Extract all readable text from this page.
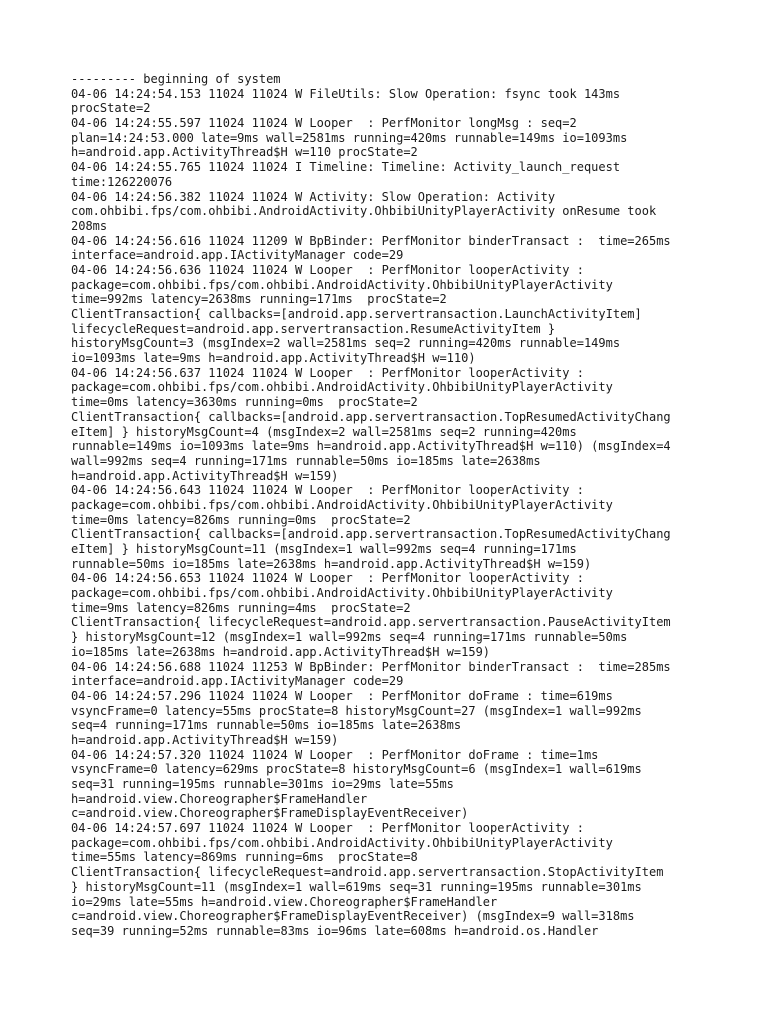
--------- beginning of system
04-06 14:24:54.153 11024 11024 W FileUtils: Slow Operation: fsync took 143ms
procState=2
04-06 14:24:55.597 11024 11024 W Looper  : PerfMonitor longMsg : seq=2
plan=14:24:53.000 late=9ms wall=2581ms running=420ms runnable=149ms io=1093ms
h=android.app.ActivityThread$H w=110 procState=2
04-06 14:24:55.765 11024 11024 I Timeline: Timeline: Activity_launch_request
time:126220076
04-06 14:24:56.382 11024 11024 W Activity: Slow Operation: Activity
com.ohbibi.fps/com.ohbibi.AndroidActivity.OhbibiUnityPlayerActivity onResume took
208ms
04-06 14:24:56.616 11024 11209 W BpBinder: PerfMonitor binderTransact :  time=265ms
interface=android.app.IActivityManager code=29
04-06 14:24:56.636 11024 11024 W Looper  : PerfMonitor looperActivity :
package=com.ohbibi.fps/com.ohbibi.AndroidActivity.OhbibiUnityPlayerActivity
time=992ms latency=2638ms running=171ms  procState=2
ClientTransaction{ callbacks=[android.app.servertransaction.LaunchActivityItem]
lifecycleRequest=android.app.servertransaction.ResumeActivityItem }
historyMsgCount=3 (msgIndex=2 wall=2581ms seq=2 running=420ms runnable=149ms
io=1093ms late=9ms h=android.app.ActivityThread$H w=110)
04-06 14:24:56.637 11024 11024 W Looper  : PerfMonitor looperActivity :
package=com.ohbibi.fps/com.ohbibi.AndroidActivity.OhbibiUnityPlayerActivity
time=0ms latency=3630ms running=0ms  procState=2
ClientTransaction{ callbacks=[android.app.servertransaction.TopResumedActivityChang
eItem] } historyMsgCount=4 (msgIndex=2 wall=2581ms seq=2 running=420ms
runnable=149ms io=1093ms late=9ms h=android.app.ActivityThread$H w=110) (msgIndex=4
wall=992ms seq=4 running=171ms runnable=50ms io=185ms late=2638ms
h=android.app.ActivityThread$H w=159)
04-06 14:24:56.643 11024 11024 W Looper  : PerfMonitor looperActivity :
package=com.ohbibi.fps/com.ohbibi.AndroidActivity.OhbibiUnityPlayerActivity
time=0ms latency=826ms running=0ms  procState=2
ClientTransaction{ callbacks=[android.app.servertransaction.TopResumedActivityChang
eItem] } historyMsgCount=11 (msgIndex=1 wall=992ms seq=4 running=171ms
runnable=50ms io=185ms late=2638ms h=android.app.ActivityThread$H w=159)
04-06 14:24:56.653 11024 11024 W Looper  : PerfMonitor looperActivity :
package=com.ohbibi.fps/com.ohbibi.AndroidActivity.OhbibiUnityPlayerActivity
time=9ms latency=826ms running=4ms  procState=2
ClientTransaction{ lifecycleRequest=android.app.servertransaction.PauseActivityItem
} historyMsgCount=12 (msgIndex=1 wall=992ms seq=4 running=171ms runnable=50ms
io=185ms late=2638ms h=android.app.ActivityThread$H w=159)
04-06 14:24:56.688 11024 11253 W BpBinder: PerfMonitor binderTransact :  time=285ms
interface=android.app.IActivityManager code=29
04-06 14:24:57.296 11024 11024 W Looper  : PerfMonitor doFrame : time=619ms
vsyncFrame=0 latency=55ms procState=8 historyMsgCount=27 (msgIndex=1 wall=992ms
seq=4 running=171ms runnable=50ms io=185ms late=2638ms
h=android.app.ActivityThread$H w=159)
04-06 14:24:57.320 11024 11024 W Looper  : PerfMonitor doFrame : time=1ms
vsyncFrame=0 latency=629ms procState=8 historyMsgCount=6 (msgIndex=1 wall=619ms
seq=31 running=195ms runnable=301ms io=29ms late=55ms
h=android.view.Choreographer$FrameHandler
c=android.view.Choreographer$FrameDisplayEventReceiver)
04-06 14:24:57.697 11024 11024 W Looper  : PerfMonitor looperActivity :
package=com.ohbibi.fps/com.ohbibi.AndroidActivity.OhbibiUnityPlayerActivity
time=55ms latency=869ms running=6ms  procState=8
ClientTransaction{ lifecycleRequest=android.app.servertransaction.StopActivityItem
} historyMsgCount=11 (msgIndex=1 wall=619ms seq=31 running=195ms runnable=301ms
io=29ms late=55ms h=android.view.Choreographer$FrameHandler
c=android.view.Choreographer$FrameDisplayEventReceiver) (msgIndex=9 wall=318ms
seq=39 running=52ms runnable=83ms io=96ms late=608ms h=android.os.Handler
